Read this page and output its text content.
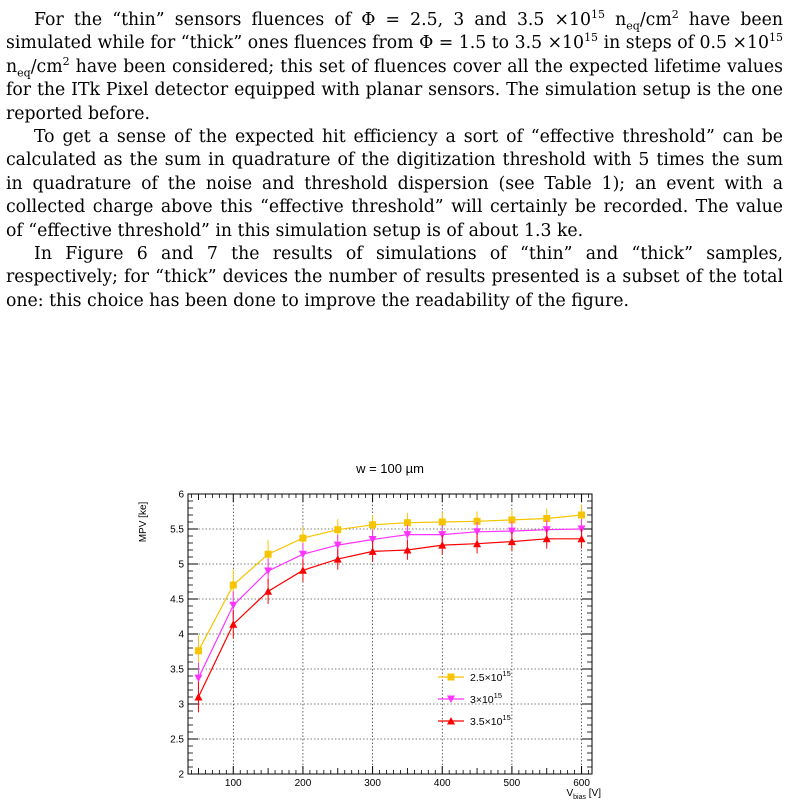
For the “thin” sensors fluences of Φ = 2.5, 3 and $3.5 \times 10^{15}$ $n_{eq}/cm^2$ have been simulated while for “thick” ones fluences from Φ = 1.5 to $3.5 \times 10^{15}$ in steps of $0.5 \times 10^{15}$ $n_{eq}/cm^2$ have been considered; this set of fluences cover all the expected lifetime values for the ITk Pixel detector equipped with planar sensors. The simulation setup is the one reported before.

To get a sense of the expected hit efficiency a sort of “effective threshold” can be calculated as the sum in quadrature of the digitization threshold with 5 times the sum in quadrature of the noise and threshold dispersion (see Table 1); an event with a collected charge above this “effective threshold” will certainly be recorded. The value of “effective threshold” in this simulation setup is of about 1.3 ke.

In Figure 6 and 7 the results of simulations of “thin” and “thick” samples, respectively; for “thick” devices the number of results presented is a subset of the total one: this choice has been done to improve the readability of the figure.

w = 100 µm
100	200	300	400	500	600
2
2.5
3
3.5
4
4.5
5
5.5
6
MPV [ke]
$V_{bias}$ [V]
$2.5\times 10^{15}$
$3\times 10^{15}$
$3.5\times 10^{15}$
